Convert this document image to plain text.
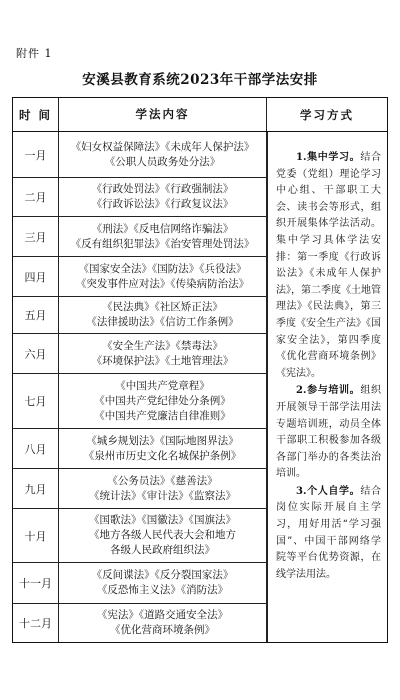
附件 1
安溪县教育系统2023年干部学法安排
时 间	学法内容	学习方式
一月
《妇女权益保障法》《未成年人保护法》
《公职人员政务处分法》
二月
《行政处罚法》《行政强制法》
《行政诉讼法》《行政复议法》
三月
《刑法》《反电信网络诈骗法》
《反有组织犯罪法》《治安管理处罚法》
四月
《国家安全法》《国防法》《兵役法》
《突发事件应对法》《传染病防治法》
五月
《民法典》《社区矫正法》
《法律援助法》《信访工作条例》
六月
《安全生产法》《禁毒法》
《环境保护法》《土地管理法》
七月
《中国共产党章程》
《中国共产党纪律处分条例》
《中国共产党廉洁自律准则》
八月
《城乡规划法》《国际地图界法》
《泉州市历史文化名城保护条例》
九月
《公务员法》《慈善法》
《统计法》《审计法》《监察法》
十月
《国歌法》《国徽法》《国旗法》
《地方各级人民代表大会和地方
各级人民政府组织法》
十一月
《反间谍法》《反分裂国家法》
《反恐怖主义法》《消防法》
十二月
《宪法》《道路交通安全法》
《优化营商环境条例》

1.集中学习。结合党委（党组）理论学习中心组、干部职工大会、读书会等形式，组织开展集体学法活动。集中学习具体学法安排：第一季度《行政诉讼法》《未成年人保护法》，第二季度《土地管理法》《民法典》，第三季度《安全生产法》《国家安全法》，第四季度《优化营商环境条例》《宪法》。

2.参与培训。组织开展领导干部学法用法专题培训班，动员全体干部职工积极参加各级各部门举办的各类法治培训。

3.个人自学。结合岗位实际开展自主学习，用好用活“学习强国”、中国干部网络学院等平台优势资源，在线学法用法。
